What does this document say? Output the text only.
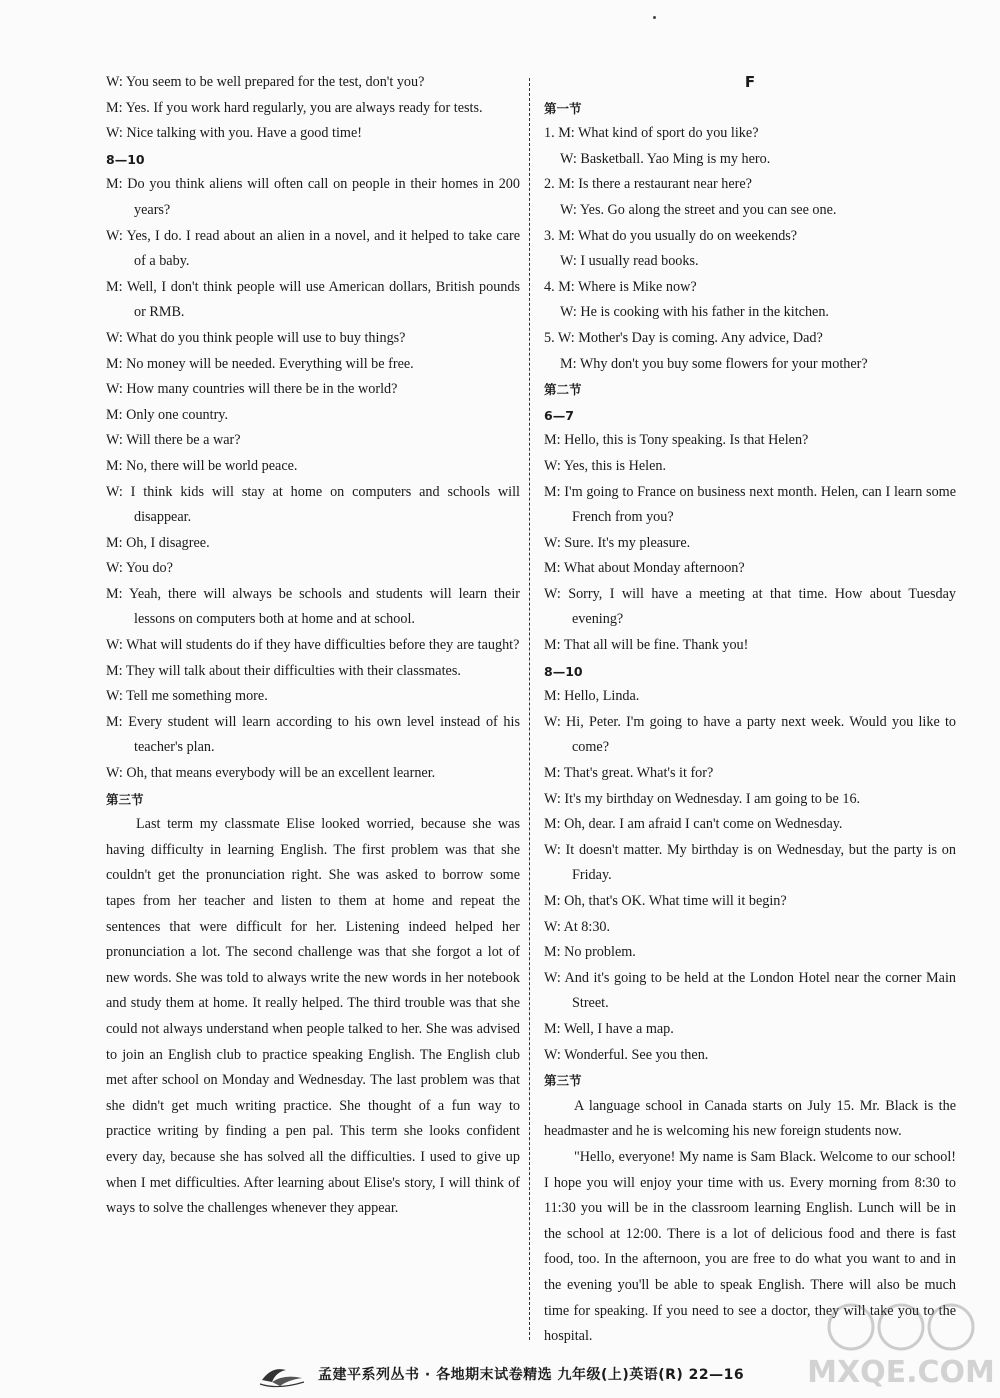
W: You seem to be well prepared for the test, don't you?
M: Yes. If you work hard regularly, you are always ready for tests.
W: Nice talking with you. Have a good time!
8—10
M: Do you think aliens will often call on people in their homes in 200 years?
W: Yes, I do. I read about an alien in a novel, and it helped to take care of a baby.
M: Well, I don't think people will use American dollars, British pounds or RMB.
W: What do you think people will use to buy things?
M: No money will be needed. Everything will be free.
W: How many countries will there be in the world?
M: Only one country.
W: Will there be a war?
M: No, there will be world peace.
W: I think kids will stay at home on computers and schools will disappear.
M: Oh, I disagree.
W: You do?
M: Yeah, there will always be schools and students will learn their lessons on computers both at home and at school.
W: What will students do if they have difficulties before they are taught?
M: They will talk about their difficulties with their classmates.
W: Tell me something more.
M: Every student will learn according to his own level instead of his teacher's plan.
W: Oh, that means everybody will be an excellent learner.
第三节
Last term my classmate Elise looked worried, because she was having difficulty in learning English. The first problem was that she couldn't get the pronunciation right. She was asked to borrow some tapes from her teacher and listen to them at home and repeat the sentences that were difficult for her. Listening indeed helped her pronunciation a lot. The second challenge was that she forgot a lot of new words. She was told to always write the new words in her notebook and study them at home. It really helped. The third trouble was that she could not always understand when people talked to her. She was advised to join an English club to practice speaking English. The English club met after school on Monday and Wednesday. The last problem was that she didn't get much writing practice. She thought of a fun way to practice writing by finding a pen pal. This term she looks confident every day, because she has solved all the difficulties. I used to give up when I met difficulties. After learning about Elise's story, I will think of ways to solve the challenges whenever they appear.
F
第一节
1. M: What kind of sport do you like?
W: Basketball. Yao Ming is my hero.
2. M: Is there a restaurant near here?
W: Yes. Go along the street and you can see one.
3. M: What do you usually do on weekends?
W: I usually read books.
4. M: Where is Mike now?
W: He is cooking with his father in the kitchen.
5. W: Mother's Day is coming. Any advice, Dad?
M: Why don't you buy some flowers for your mother?
第二节
6—7
M: Hello, this is Tony speaking. Is that Helen?
W: Yes, this is Helen.
M: I'm going to France on business next month. Helen, can I learn some French from you?
W: Sure. It's my pleasure.
M: What about Monday afternoon?
W: Sorry, I will have a meeting at that time. How about Tuesday evening?
M: That all will be fine. Thank you!
8—10
M: Hello, Linda.
W: Hi, Peter. I'm going to have a party next week. Would you like to come?
M: That's great. What's it for?
W: It's my birthday on Wednesday. I am going to be 16.
M: Oh, dear. I am afraid I can't come on Wednesday.
W: It doesn't matter. My birthday is on Wednesday, but the party is on Friday.
M: Oh, that's OK. What time will it begin?
W: At 8:30.
M: No problem.
W: And it's going to be held at the London Hotel near the corner Main Street.
M: Well, I have a map.
W: Wonderful. See you then.
第三节
A language school in Canada starts on July 15. Mr. Black is the headmaster and he is welcoming his new foreign students now.
"Hello, everyone! My name is Sam Black. Welcome to our school! I hope you will enjoy your time with us. Every morning from 8:30 to 11:30 you will be in the classroom learning English. Lunch will be in the school at 12:00. There is a lot of delicious food and there is fast food, too. In the afternoon, you are free to do what you want to and in the evening you'll be able to speak English. There will also be much time for speaking. If you need to see a doctor, they will take you to the hospital.
孟建平系列丛书 · 各地期末试卷精选 九年级(上)英语(R) 22—16 MXQE.COM
